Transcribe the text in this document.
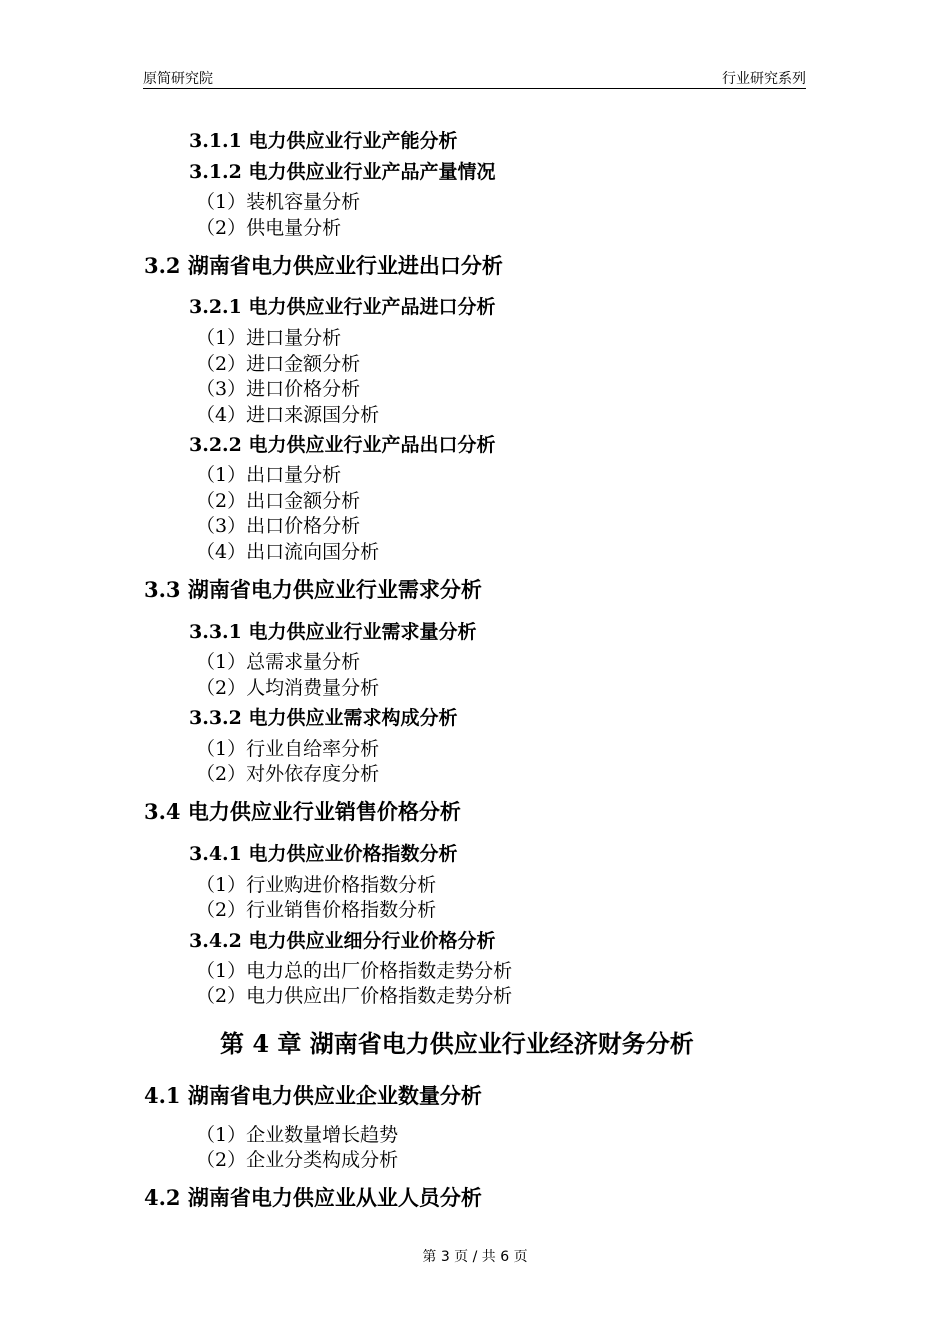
原简研究院	行业研究系列
3.1.1 电力供应业行业产能分析
3.1.2 电力供应业行业产品产量情况
（1）装机容量分析
（2）供电量分析
3.2 湖南省电力供应业行业进出口分析
3.2.1 电力供应业行业产品进口分析
（1）进口量分析
（2）进口金额分析
（3）进口价格分析
（4）进口来源国分析
3.2.2 电力供应业行业产品出口分析
（1）出口量分析
（2）出口金额分析
（3）出口价格分析
（4）出口流向国分析
3.3 湖南省电力供应业行业需求分析
3.3.1 电力供应业行业需求量分析
（1）总需求量分析
（2）人均消费量分析
3.3.2 电力供应业需求构成分析
（1）行业自给率分析
（2）对外依存度分析
3.4 电力供应业行业销售价格分析
3.4.1 电力供应业价格指数分析
（1）行业购进价格指数分析
（2）行业销售价格指数分析
3.4.2 电力供应业细分行业价格分析
（1）电力总的出厂价格指数走势分析
（2）电力供应出厂价格指数走势分析
第 4 章 湖南省电力供应业行业经济财务分析
4.1 湖南省电力供应业企业数量分析
（1）企业数量增长趋势
（2）企业分类构成分析
4.2 湖南省电力供应业从业人员分析
第 3 页 / 共 6 页
